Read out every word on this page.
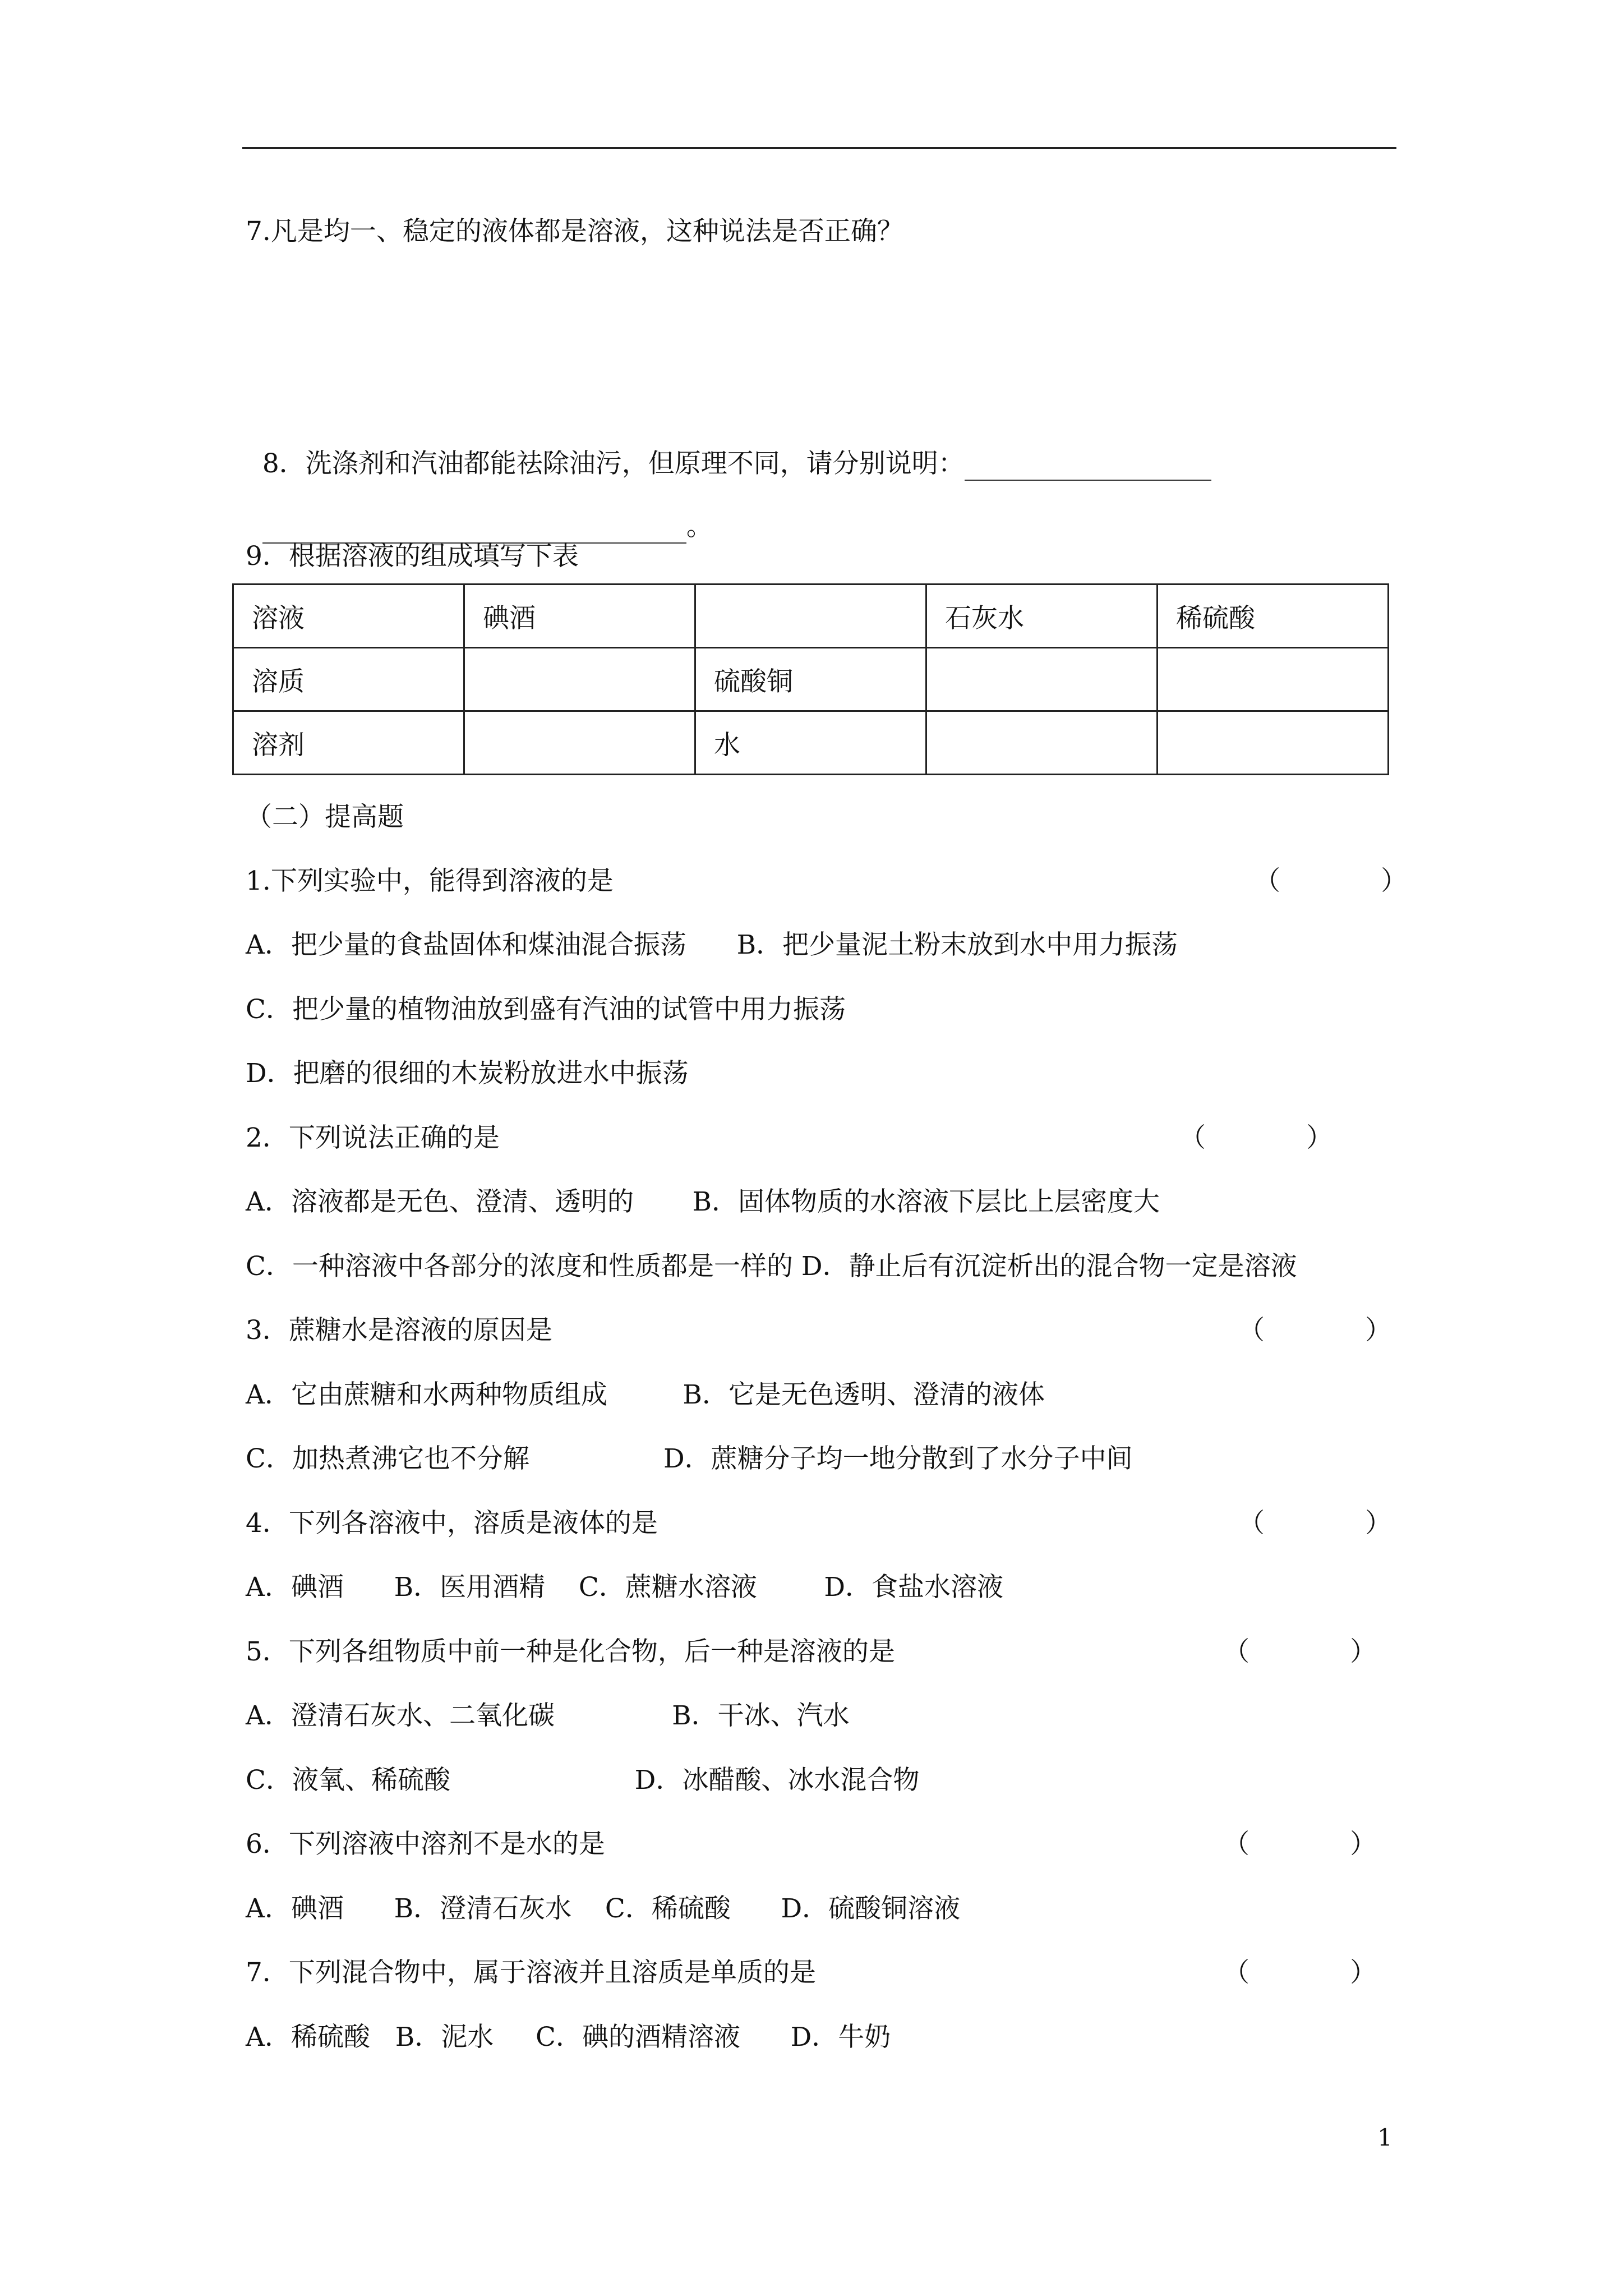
7.凡是均一、稳定的液体都是溶液，这种说法是否正确？

8．洗涤剂和汽油都能祛除油污，但原理不同，请分别说明：

。

9．根据溶液的组成填写下表
溶液	碘酒		石灰水	稀硫酸
溶质		硫酸铜		
溶剂		水		
（二）提高题
1.下列实验中，能得到溶液的是	（            ）
A．把少量的食盐固体和煤油混合振荡      B．把少量泥土粉末放到水中用力振荡
C．把少量的植物油放到盛有汽油的试管中用力振荡
D．把磨的很细的木炭粉放进水中振荡
2．下列说法正确的是	（            ）
A．溶液都是无色、澄清、透明的       B．固体物质的水溶液下层比上层密度大
C．一种溶液中各部分的浓度和性质都是一样的 D．静止后有沉淀析出的混合物一定是溶液
3．蔗糖水是溶液的原因是	（            ）
A．它由蔗糖和水两种物质组成         B．它是无色透明、澄清的液体
C．加热煮沸它也不分解                D．蔗糖分子均一地分散到了水分子中间
4．下列各溶液中，溶质是液体的是	（            ）
A．碘酒      B．医用酒精    C．蔗糖水溶液        D．食盐水溶液
5．下列各组物质中前一种是化合物，后一种是溶液的是	（            ）
A．澄清石灰水、二氧化碳              B．干冰、汽水
C．液氧、稀硫酸                      D．冰醋酸、冰水混合物
6．下列溶液中溶剂不是水的是	（            ）
A．碘酒      B．澄清石灰水    C．稀硫酸      D．硫酸铜溶液
7．下列混合物中，属于溶液并且溶质是单质的是	（            ）
A．稀硫酸   B．泥水     C．碘的酒精溶液      D．牛奶
1
